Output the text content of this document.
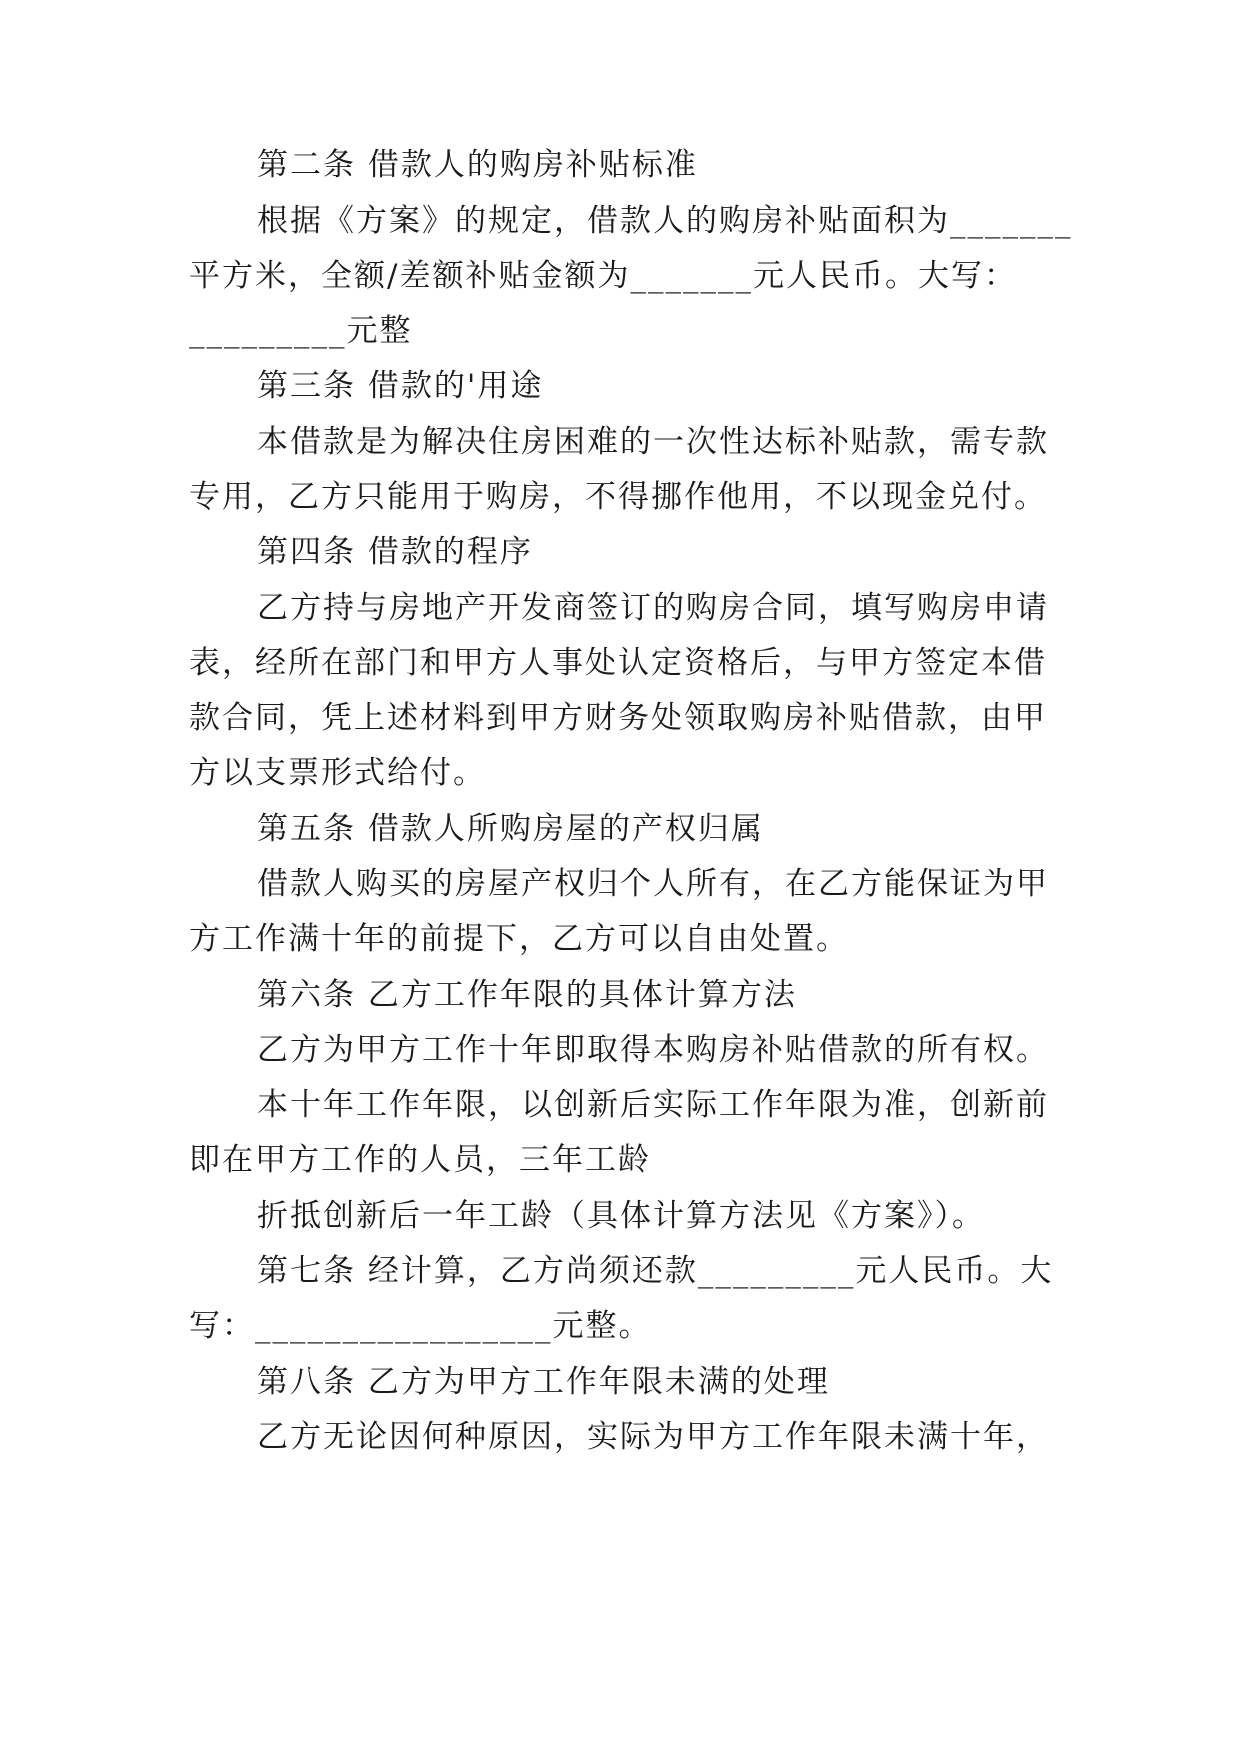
第二条 借款人的购房补贴标准
根据《方案》的规定，借款人的购房补贴面积为_______
平方米，全额/差额补贴金额为_______元人民币。大写：
_________元整
第三条 借款的'用途
本借款是为解决住房困难的一次性达标补贴款，需专款
专用，乙方只能用于购房，不得挪作他用，不以现金兑付。
第四条 借款的程序
乙方持与房地产开发商签订的购房合同，填写购房申请
表，经所在部门和甲方人事处认定资格后，与甲方签定本借
款合同，凭上述材料到甲方财务处领取购房补贴借款，由甲
方以支票形式给付。
第五条 借款人所购房屋的产权归属
借款人购买的房屋产权归个人所有，在乙方能保证为甲
方工作满十年的前提下，乙方可以自由处置。
第六条 乙方工作年限的具体计算方法
乙方为甲方工作十年即取得本购房补贴借款的所有权。
本十年工作年限，以创新后实际工作年限为准，创新前
即在甲方工作的人员，三年工龄
折抵创新后一年工龄（具体计算方法见《方案》）。
第七条 经计算，乙方尚须还款_________元人民币。大
写：_________________元整。
第八条 乙方为甲方工作年限未满的处理
乙方无论因何种原因，实际为甲方工作年限未满十年，
